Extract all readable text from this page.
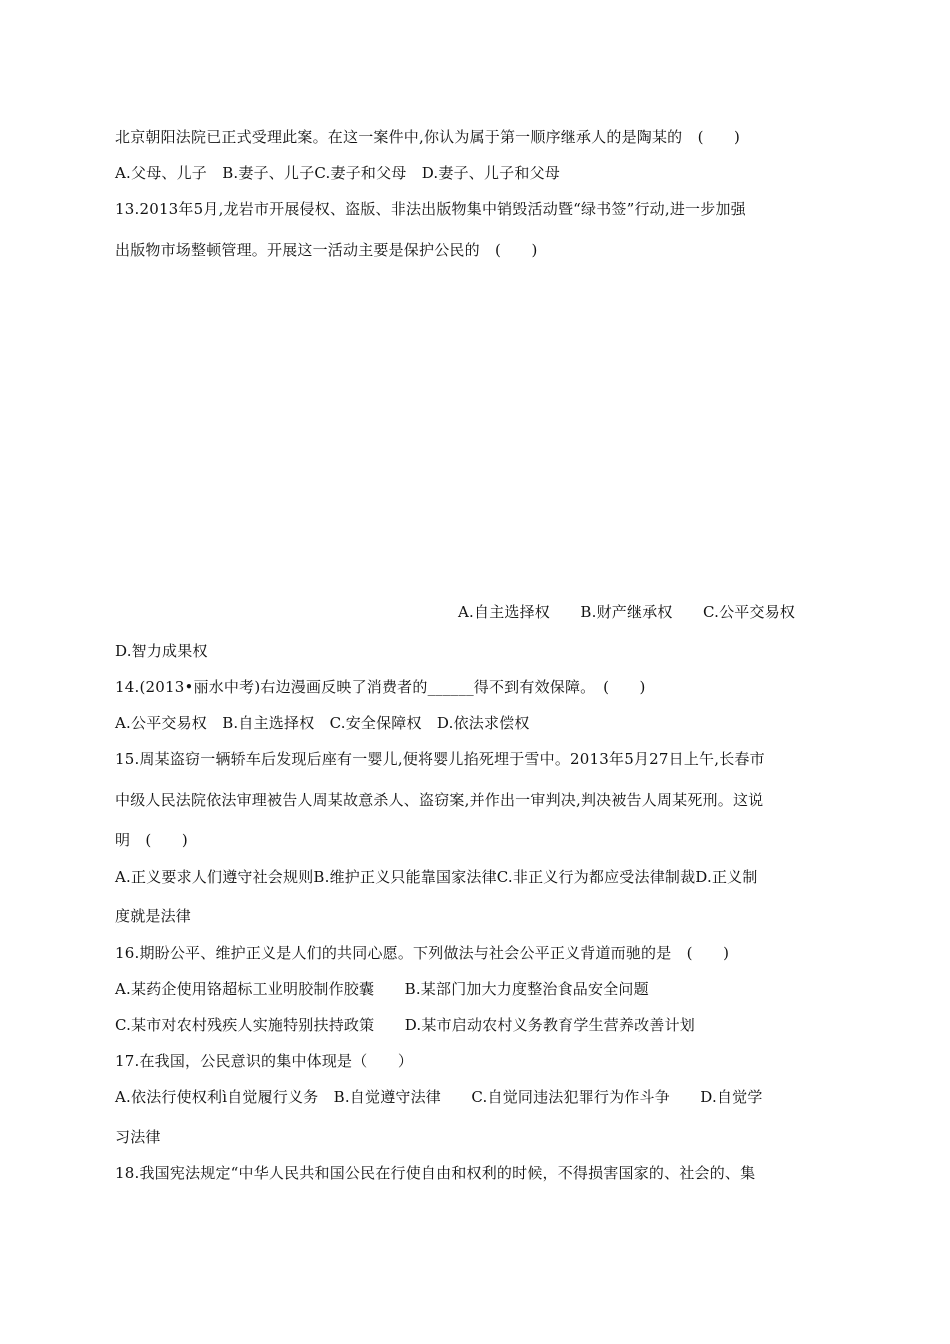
北京朝阳法院已正式受理此案。在这一案件中,你认为属于第一顺序继承人的是陶某的　(　　)
A.父母、儿子　B.妻子、儿子C.妻子和父母　D.妻子、儿子和父母
13.2013年5月,龙岩市开展侵权、盗版、非法出版物集中销毁活动暨“绿书签”行动,进一步加强
出版物市场整顿管理。开展这一活动主要是保护公民的　(　　)
A.自主选择权　　B.财产继承权　　C.公平交易权
D.智力成果权
14.(2013•丽水中考)右边漫画反映了消费者的______得不到有效保障。　(　　)
A.公平交易权　B.自主选择权　C.安全保障权　D.依法求偿权
15.周某盗窃一辆轿车后发现后座有一婴儿,便将婴儿掐死埋于雪中。2013年5月27日上午,长春市
中级人民法院依法审理被告人周某故意杀人、盗窃案,并作出一审判决,判决被告人周某死刑。这说
明　(　　)
A.正义要求人们遵守社会规则B.维护正义只能靠国家法律C.非正义行为都应受法律制裁D.正义制
度就是法律
16.期盼公平、维护正义是人们的共同心愿。下列做法与社会公平正义背道而驰的是　(　　)
A.某药企使用铬超标工业明胶制作胶囊　　B.某部门加大力度整治食品安全问题
C.某市对农村残疾人实施特别扶持政策　　D.某市启动农村义务教育学生营养改善计划
17.在我国，公民意识的集中体现是（　　）
A.依法行使权利ì自觉履行义务　B.自觉遵守法律　　C.自觉同违法犯罪行为作斗争　　D.自觉学
习法律
18.我国宪法规定“中华人民共和国公民在行使自由和权利的时候，不得损害国家的、社会的、集
